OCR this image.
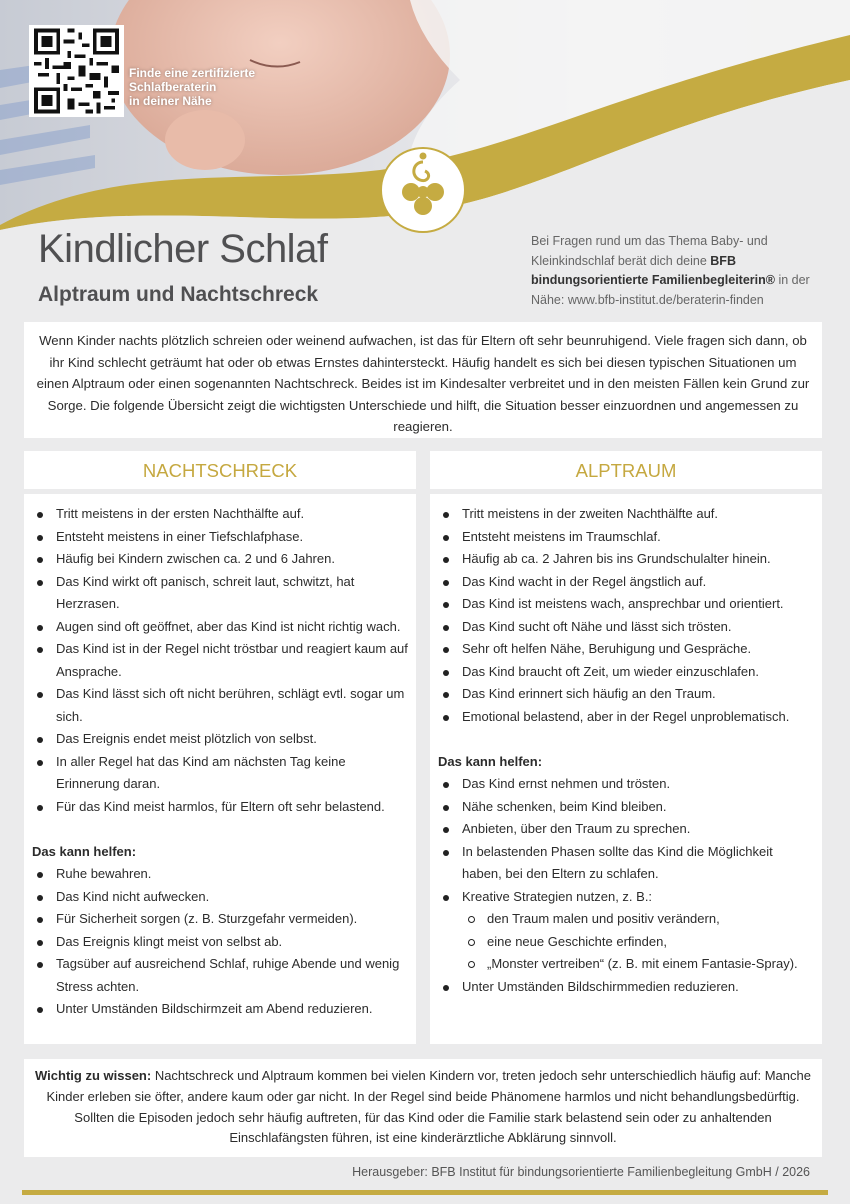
Finde eine zertifizierte
Schlafberaterin
in deiner Nähe
Kindlicher Schlaf
Alptraum und Nachtschreck
Bei Fragen rund um das Thema Baby- und Kleinkindschlaf berät dich deine BFB bindungsorientierte Familienbegleiterin® in der Nähe: www.bfb-institut.de/beraterin-finden
Wenn Kinder nachts plötzlich schreien oder weinend aufwachen, ist das für Eltern oft sehr beunruhigend. Viele fragen sich dann, ob ihr Kind schlecht geträumt hat oder ob etwas Ernstes dahintersteckt. Häufig handelt es sich bei diesen typischen Situationen um einen Alptraum oder einen sogenannten Nachtschreck. Beides ist im Kindesalter verbreitet und in den meisten Fällen kein Grund zur Sorge. Die folgende Übersicht zeigt die wichtigsten Unterschiede und hilft, die Situation besser einzuordnen und angemessen zu reagieren.
NACHTSCHRECK	ALPTRAUM
Tritt meistens in der ersten Nachthälfte auf.
Entsteht meistens in einer Tiefschlafphase.
Häufig bei Kindern zwischen ca. 2 und 6 Jahren.
Das Kind wirkt oft panisch, schreit laut, schwitzt, hat Herzrasen.
Augen sind oft geöffnet, aber das Kind ist nicht richtig wach.
Das Kind ist in der Regel nicht tröstbar und reagiert kaum auf Ansprache.
Das Kind lässt sich oft nicht berühren, schlägt evtl. sogar um sich.
Das Ereignis endet meist plötzlich von selbst.
In aller Regel hat das Kind am nächsten Tag keine Erinnerung daran.
Für das Kind meist harmlos, für Eltern oft sehr belastend.
Das kann helfen:
Ruhe bewahren.
Das Kind nicht aufwecken.
Für Sicherheit sorgen (z. B. Sturzgefahr vermeiden).
Das Ereignis klingt meist von selbst ab.
Tagsüber auf ausreichend Schlaf, ruhige Abende und wenig Stress achten.
Unter Umständen Bildschirmzeit am Abend reduzieren.
Tritt meistens in der zweiten Nachthälfte auf.
Entsteht meistens im Traumschlaf.
Häufig ab ca. 2 Jahren bis ins Grundschulalter hinein.
Das Kind wacht in der Regel ängstlich auf.
Das Kind ist meistens wach, ansprechbar und orientiert.
Das Kind sucht oft Nähe und lässt sich trösten.
Sehr oft helfen Nähe, Beruhigung und Gespräche.
Das Kind braucht oft Zeit, um wieder einzuschlafen.
Das Kind erinnert sich häufig an den Traum.
Emotional belastend, aber in der Regel unproblematisch.
Das kann helfen:
Das Kind ernst nehmen und trösten.
Nähe schenken, beim Kind bleiben.
Anbieten, über den Traum zu sprechen.
In belastenden Phasen sollte das Kind die Möglichkeit haben, bei den Eltern zu schlafen.
Kreative Strategien nutzen, z. B.:
den Traum malen und positiv verändern,
eine neue Geschichte erfinden,
„Monster vertreiben“ (z. B. mit einem Fantasie-Spray).
Unter Umständen Bildschirmmedien reduzieren.
Wichtig zu wissen: Nachtschreck und Alptraum kommen bei vielen Kindern vor, treten jedoch sehr unterschiedlich häufig auf: Manche Kinder erleben sie öfter, andere kaum oder gar nicht. In der Regel sind beide Phänomene harmlos und nicht behandlungsbedürftig. Sollten die Episoden jedoch sehr häufig auftreten, für das Kind oder die Familie stark belastend sein oder zu anhaltenden Einschlafängsten führen, ist eine kinderärztliche Abklärung sinnvoll.
Herausgeber: BFB Institut für bindungsorientierte Familienbegleitung GmbH / 2026
